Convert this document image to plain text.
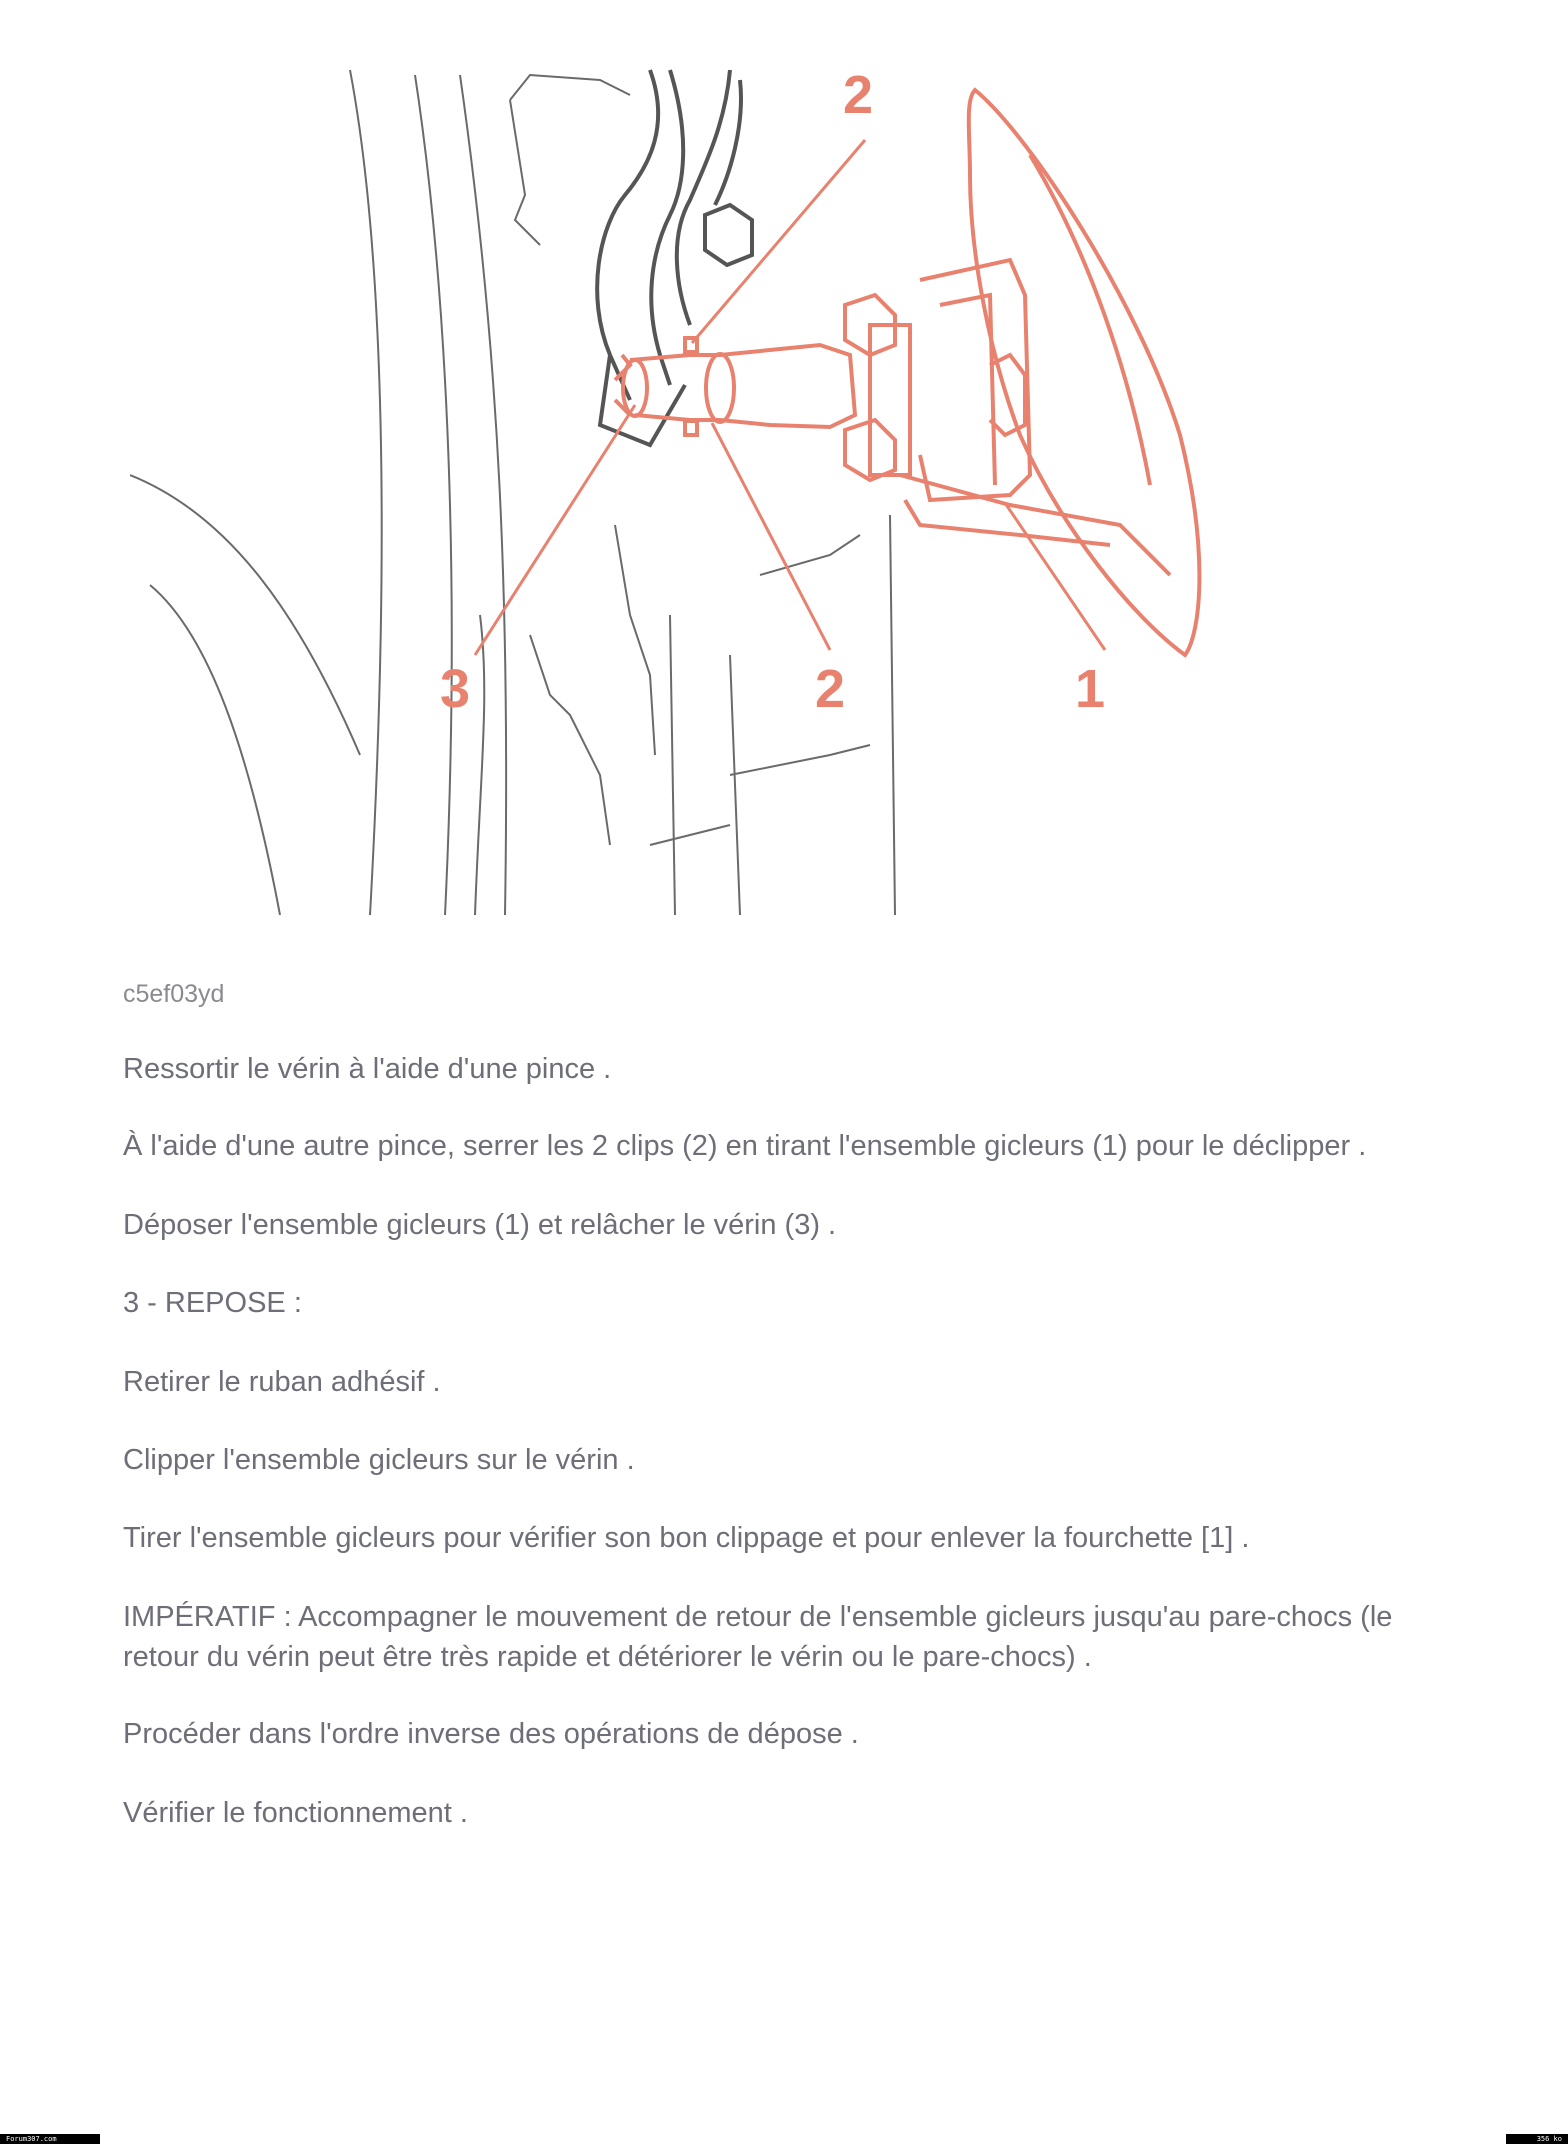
2
3	2	1

c5ef03yd

Ressortir le vérin à l'aide d'une pince .

À l'aide d'une autre pince, serrer les 2 clips (2) en tirant l'ensemble gicleurs (1) pour le déclipper .

Déposer l'ensemble gicleurs (1) et relâcher le vérin (3) .

3 - REPOSE :

Retirer le ruban adhésif .

Clipper l'ensemble gicleurs sur le vérin .

Tirer l'ensemble gicleurs pour vérifier son bon clippage et pour enlever la fourchette [1] .

IMPÉRATIF : Accompagner le mouvement de retour de l'ensemble gicleurs jusqu'au pare-chocs (le retour du vérin peut être très rapide et détériorer le vérin ou le pare-chocs) .

Procéder dans l'ordre inverse des opérations de dépose .

Vérifier le fonctionnement .

Forum307.com	356 ko
